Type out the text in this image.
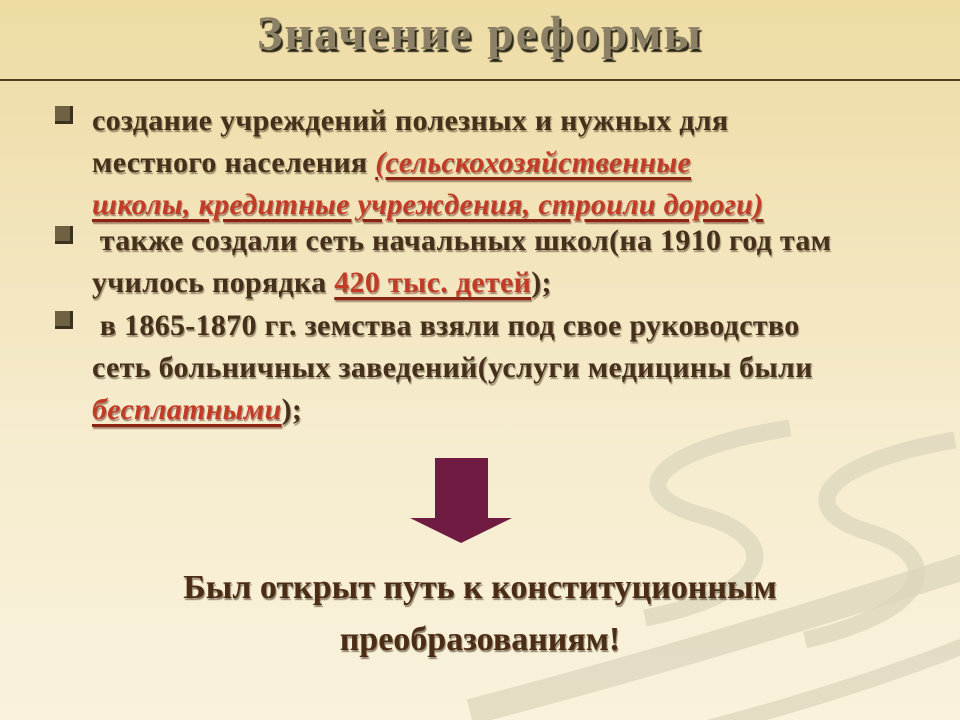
Значение реформы
создание учреждений полезных и нужных для
местного населения (сельскохозяйственные
школы, кредитные учреждения, строили дороги)
также создали сеть начальных школ(на 1910 год там
училось порядка 420 тыс. детей);
в 1865-1870 гг. земства взяли под свое руководство
сеть больничных заведений(услуги медицины были
бесплатными);
Был открыт путь к конституционным
преобразованиям!
